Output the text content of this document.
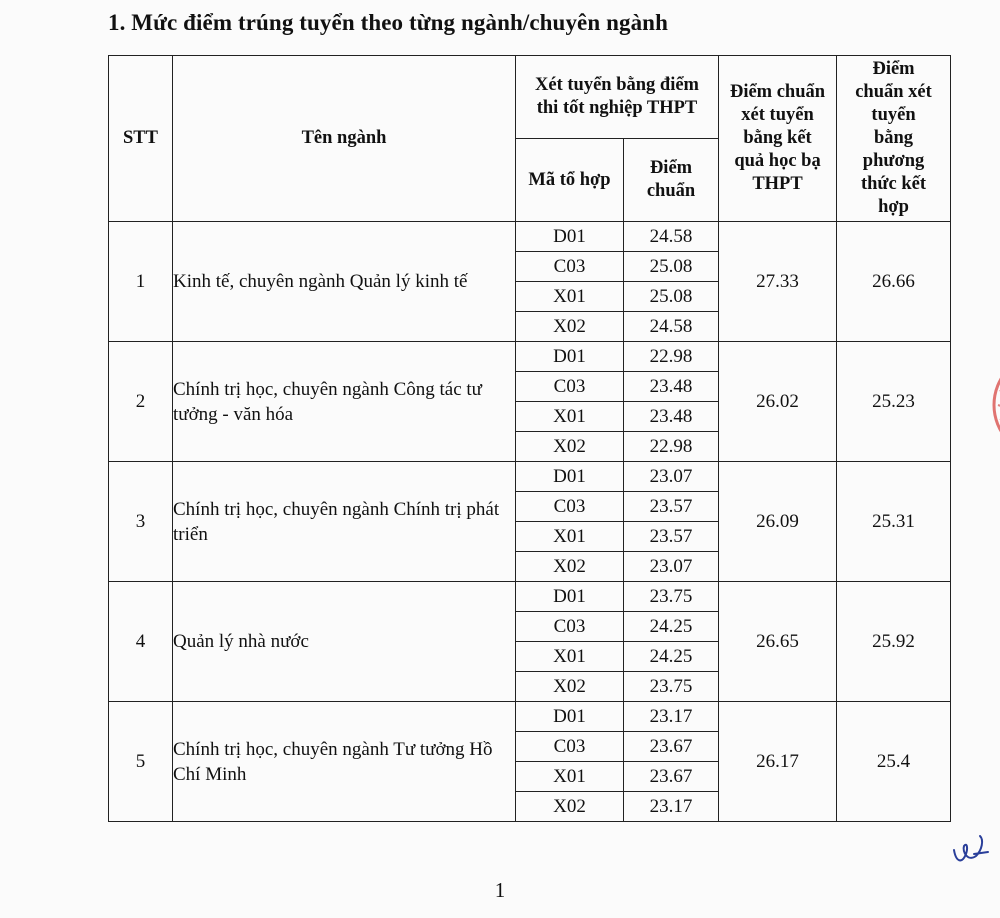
1. Mức điểm trúng tuyển theo từng ngành/chuyên ngành
STT	Tên ngành	Xét tuyển bằng điểm thi tốt nghiệp THPT		Điểm chuẩn xét tuyển bằng kết quả học bạ THPT	Điểm chuẩn xét tuyển bằng phương thức kết hợp
		Mã tổ hợp	Điểm chuẩn		
1	Kinh tế, chuyên ngành Quản lý kinh tế	D01	24.58	27.33	26.66
		C03	25.08		
		X01	25.08		
		X02	24.58		
2	Chính trị học, chuyên ngành Công tác tư tưởng - văn hóa	D01	22.98	26.02	25.23
		C03	23.48		
		X01	23.48		
		X02	22.98		
3	Chính trị học, chuyên ngành Chính trị phát triển	D01	23.07	26.09	25.31
		C03	23.57		
		X01	23.57		
		X02	23.07		
4	Quản lý nhà nước	D01	23.75	26.65	25.92
		C03	24.25		
		X01	24.25		
		X02	23.75		
5	Chính trị học, chuyên ngành Tư tưởng Hồ Chí Minh	D01	23.17	26.17	25.4
		C03	23.67		
		X01	23.67		
		X02	23.17		
1
